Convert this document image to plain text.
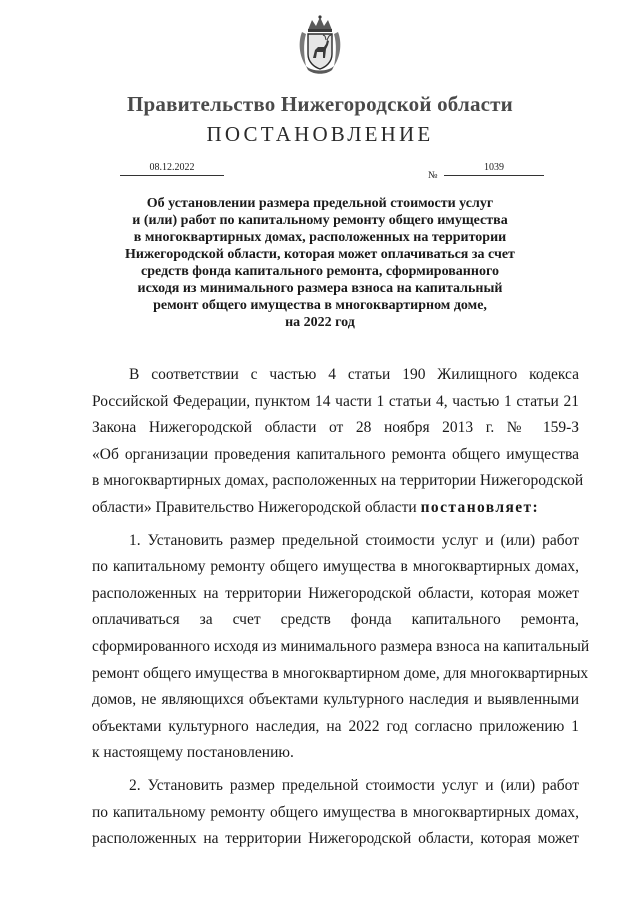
Правительство Нижегородской области
ПОСТАНОВЛЕНИЕ
08.12.2022
№
1039
Об установлении размера предельной стоимости услуг
и (или) работ по капитальному ремонту общего имущества
в многоквартирных домах, расположенных на территории
Нижегородской области, которая может оплачиваться за счет
средств фонда капитального ремонта, сформированного
исходя из минимального размера взноса на капитальный
ремонт общего имущества в многоквартирном доме,
на 2022 год
В соответствии с частью 4 статьи 190 Жилищного кодекса
Российской Федерации, пунктом 14 части 1 статьи 4, частью 1 статьи 21
Закона Нижегородской области от 28 ноября 2013 г. № 159-З
«Об организации проведения капитального ремонта общего имущества
в многоквартирных домах, расположенных на территории Нижегородской
области» Правительство Нижегородской области постановляет:
1. Установить размер предельной стоимости услуг и (или) работ
по капитальному ремонту общего имущества в многоквартирных домах,
расположенных на территории Нижегородской области, которая может
оплачиваться за счет средств фонда капитального ремонта,
сформированного исходя из минимального размера взноса на капитальный
ремонт общего имущества в многоквартирном доме, для многоквартирных
домов, не являющихся объектами культурного наследия и выявленными
объектами культурного наследия, на 2022 год согласно приложению 1
к настоящему постановлению.
2. Установить размер предельной стоимости услуг и (или) работ
по капитальному ремонту общего имущества в многоквартирных домах,
расположенных на территории Нижегородской области, которая может
